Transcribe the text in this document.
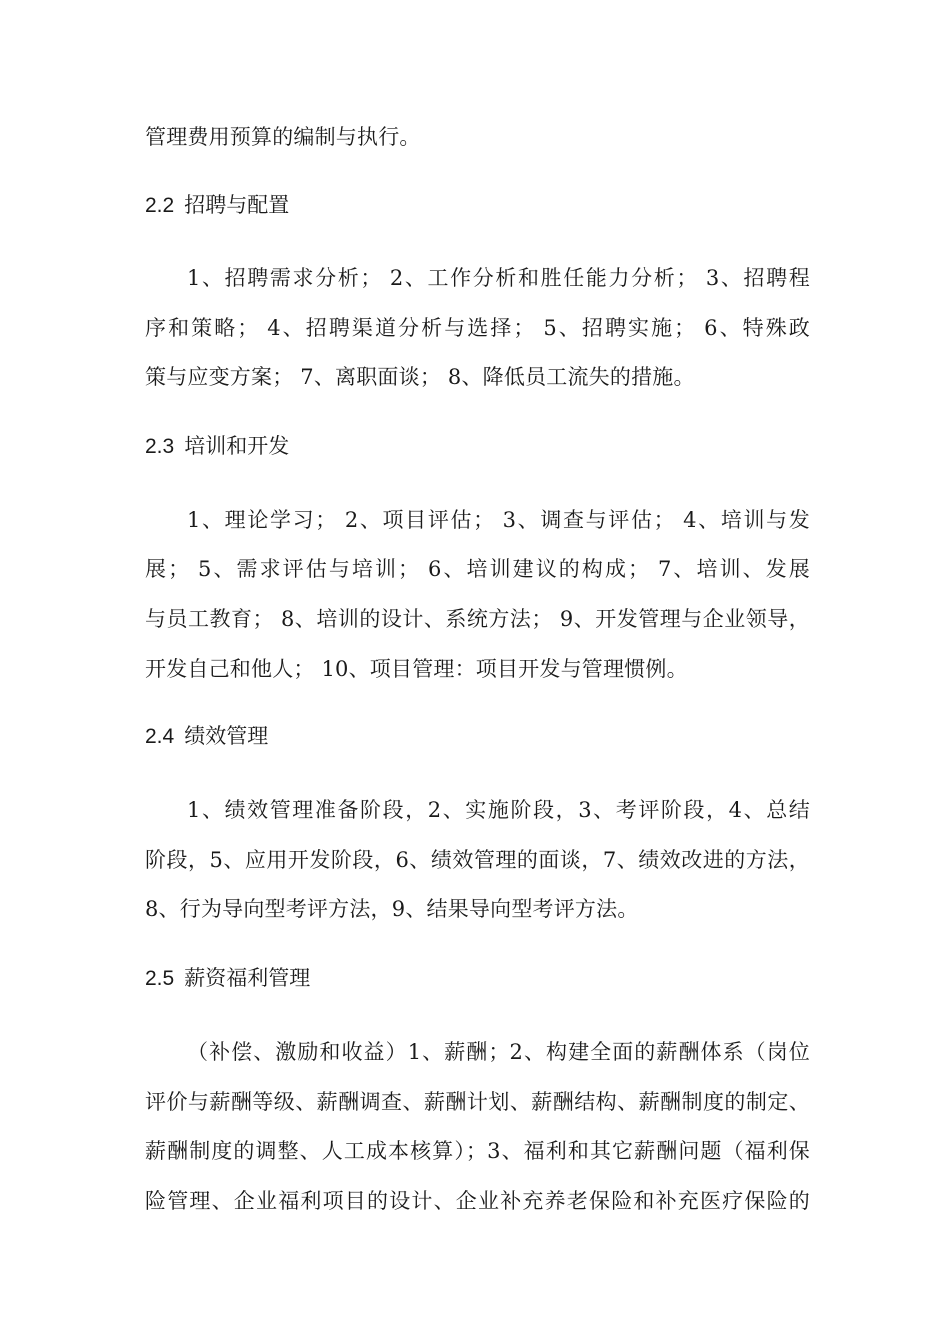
管理费用预算的编制与执行。
2.2 招聘与配置
1、招聘需求分析； 2、工作分析和胜任能力分析； 3、招聘程
序和策略； 4、招聘渠道分析与选择； 5、招聘实施； 6、特殊政
策与应变方案； 7、离职面谈； 8、降低员工流失的措施。
2.3 培训和开发
1、理论学习； 2、项目评估； 3、调查与评估； 4、培训与发
展； 5、需求评估与培训； 6、培训建议的构成； 7、培训、发展
与员工教育； 8、培训的设计、系统方法； 9、开发管理与企业领导，
开发自己和他人； 10、项目管理：项目开发与管理惯例。
2.4 绩效管理
1、绩效管理准备阶段，2、实施阶段，3、考评阶段，4、总结
阶段，5、应用开发阶段，6、绩效管理的面谈，7、绩效改进的方法，
8、行为导向型考评方法，9、结果导向型考评方法。
2.5 薪资福利管理
（补偿、激励和收益）1、薪酬；2、构建全面的薪酬体系（岗位
评价与薪酬等级、薪酬调查、薪酬计划、薪酬结构、薪酬制度的制定、
薪酬制度的调整、人工成本核算）；3、福利和其它薪酬问题（福利保
险管理、企业福利项目的设计、企业补充养老保险和补充医疗保险的
